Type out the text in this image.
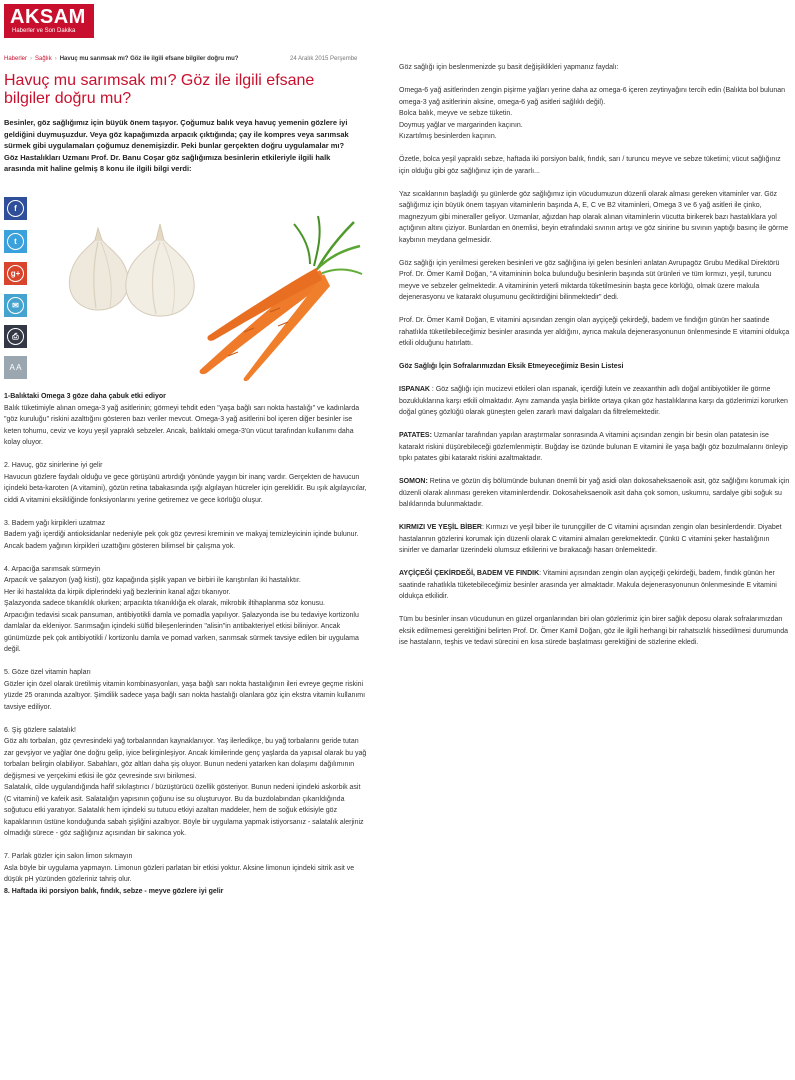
AKSAM
Haberler ve Son Dakika
Haberler › Sağlık › Havuç mu sarımsak mı? Göz ile ilgili efsane bilgiler doğru mu?	24 Aralık 2015 Perşembe
Havuç mu sarımsak mı? Göz ile ilgili efsane bilgiler doğru mu?

Besinler, göz sağlığımız için büyük önem taşıyor. Çoğumuz balık veya havuç yemenin gözlere iyi geldiğini duymuşuzdur. Veya göz kapağımızda arpacık çıktığında; çay ile kompres veya sarımsak sürmek gibi uygulamaları çoğumuz denemişizdir. Peki bunlar gerçekten doğru uygulamalar mı? Göz Hastalıkları Uzmanı Prof. Dr. Banu Coşar göz sağlığımıza besinlerin etkileriyle ilgili halk arasında mit haline gelmiş 8 konu ile ilgili bilgi verdi:

f
t
g+
✉
⎙
A A

1-Balıktaki Omega 3 göze daha çabuk etki ediyor
Balık tüketimiyle alınan omega-3 yağ asitlerinin; görmeyi tehdit eden "yaşa bağlı sarı nokta hastalığı" ve kadınlarda "göz kuruluğu" riskini azalttığını gösteren bazı veriler mevcut. Omega-3 yağ asitlerini bol içeren diğer besinler ise keten tohumu, ceviz ve koyu yeşil yapraklı sebzeler. Ancak, balıktaki omega-3'ün vücut tarafından kullanımı daha kolay oluyor.

2. Havuç, göz sinirlerine iyi gelir
Havucun gözlere faydalı olduğu ve gece görüşünü artırdığı yönünde yaygın bir inanç vardır. Gerçekten de havucun içindeki beta-karoten (A vitamini), gözün retina tabakasında ışığı algılayan hücreler için gereklidir. Bu ışık algılayıcılar, ciddi A vitamini eksikliğinde fonksiyonlarını yerine getiremez ve gece körlüğü oluşur.

3. Badem yağı kirpikleri uzatmaz
Badem yağı içerdiği antioksidanlar nedeniyle pek çok göz çevresi kreminin ve makyaj temizleyicinin içinde bulunur. Ancak badem yağının kirpikleri uzattığını gösteren bilimsel bir çalışma yok.

4. Arpacığa sarımsak sürmeyin
Arpacık ve şalazyon (yağ kisti), göz kapağında şişlik yapan ve birbiri ile karıştırılan iki hastalıktır.
Her iki hastalıkta da kirpik diplerindeki yağ bezlerinin kanal ağzı tıkanıyor.
Şalazyonda sadece tıkanıklık olurken; arpacıkta tıkanıklığa ek olarak, mikrobik iltihaplanma söz konusu.
Arpacığın tedavisi sıcak pansuman, antibiyotikli damla ve pomadla yapılıyor. Şalazyonda ise bu tedaviye kortizonlu damlalar da ekleniyor. Sarımsağın içindeki sülfid bileşenlerinden "alisin"in antibakteriyel etkisi biliniyor. Ancak günümüzde pek çok antibiyotikli / kortizonlu damla ve pomad varken, sarımsak sürmek tavsiye edilen bir uygulama değil.

5. Göze özel vitamin hapları
Gözler için özel olarak üretilmiş vitamin kombinasyonları, yaşa bağlı sarı nokta hastalığının ileri evreye geçme riskini yüzde 25 oranında azaltıyor. Şimdilik sadece yaşa bağlı sarı nokta hastalığı olanlara göz için ekstra vitamin kullanımı tavsiye ediliyor.

6. Şiş gözlere salatalık!
Göz altı torbaları, göz çevresindeki yağ torbalarından kaynaklanıyor. Yaş ilerledikçe, bu yağ torbalarını geride tutan zar gevşiyor ve yağlar öne doğru gelip, iyice belirginleşiyor. Ancak kimilerinde genç yaşlarda da yapısal olarak bu yağ torbaları belirgin olabiliyor. Sabahları, göz altları daha şiş oluyor. Bunun nedeni yatarken kan dolaşımı dağılımının değişmesi ve yerçekimi etkisi ile göz çevresinde sıvı birikmesi.
Salatalık, cilde uygulandığında hafif sıkılaştırıcı / büzüştürücü özellik gösteriyor. Bunun nedeni içindeki askorbik asit (C vitamini) ve kafeik asit. Salatalığın yapısının çoğunu ise su oluşturuyor. Bu da buzdolabından çıkarıldığında soğutucu etki yaratıyor. Salatalık hem içindeki su tutucu etkiyi azaltan maddeler, hem de soğuk etkisiyle göz kapaklarının üstüne konduğunda sabah şişliğini azaltıyor. Böyle bir uygulama yapmak istiyorsanız - salatalık alerjiniz olmadığı sürece - göz sağlığınız açısından bir sakınca yok.

7. Parlak gözler için sakın limon sıkmayın
Asla böyle bir uygulama yapmayın. Limonun gözleri parlatan bir etkisi yoktur. Aksine limonun içindeki sitrik asit ve düşük pH yüzünden gözleriniz tahriş olur.
8. Haftada iki porsiyon balık, fındık, sebze - meyve gözlere iyi gelir

Göz sağlığı için beslenmenizde şu basit değişiklikleri yapmanız faydalı:

Omega-6 yağ asitlerinden zengin pişirme yağları yerine daha az omega-6 içeren zeytinyağını tercih edin (Balıkta bol bulunan omega-3 yağ asitlerinin aksine, omega-6 yağ asitleri sağlıklı değil).
Bolca balık, meyve ve sebze tüketin.
Doymuş yağlar ve margarinden kaçının.
Kızartılmış besinlerden kaçının.

Özetle, bolca yeşil yapraklı sebze, haftada iki porsiyon balık, fındık, sarı / turuncu meyve ve sebze tüketimi; vücut sağlığınız için olduğu gibi göz sağlığınız için de yararlı...

Yaz sıcaklarının başladığı şu günlerde göz sağlığımız için vücudumuzun düzenli olarak alması gereken vitaminler var. Göz sağlığımız için büyük önem taşıyan vitaminlerin başında A, E, C ve B2 vitaminleri, Omega 3 ve 6 yağ asitleri ile çinko, magnezyum gibi mineraller geliyor. Uzmanlar, ağızdan hap olarak alınan vitaminlerin vücutta birikerek bazı hastalıklara yol açtığının altını çiziyor. Bunlardan en önemlisi, beyin etrafındaki sıvının artışı ve göz sinirine bu sıvının yaptığı basınç ile görme kaybının meydana gelmesidir.

Göz sağlığı için yenilmesi gereken besinleri ve göz sağlığına iyi gelen besinleri anlatan Avrupagöz Grubu Medikal Direktörü Prof. Dr. Ömer Kamil Doğan, "A vitamininin bolca bulunduğu besinlerin başında süt ürünleri ve tüm kırmızı, yeşil, turuncu meyve ve sebzeler gelmektedir. A vitamininin yeterli miktarda tüketilmesinin başta gece körlüğü, olmak üzere makula dejenerasyonu ve katarakt oluşumunu geciktirdiğini bilinmektedir" dedi.

Prof. Dr. Ömer Kamil Doğan, E vitamini açısından zengin olan ayçiçeği çekirdeği, badem ve fındığın günün her saatinde rahatlıkla tüketilebileceğimiz besinler arasında yer aldığını, ayrıca makula dejenerasyonunun önlenmesinde E vitamini oldukça etkili olduğunu hatırlattı.

Göz Sağlığı İçin Sofralarımızdan Eksik Etmeyeceğimiz Besin Listesi

ISPANAK : Göz sağlığı için mucizevi etkileri olan ıspanak, içerdiği lutein ve zeaxanthin adlı doğal antibiyotikler ile görme bozukluklarına karşı etkili olmaktadır. Aynı zamanda yaşla birlikte ortaya çıkan göz hastalıklarına karşı da gözlerimizi korurken doğal güneş gözlüğü olarak güneşten gelen zararlı mavi dalgaları da filtrelemektedir.

PATATES: Uzmanlar tarafından yapılan araştırmalar sonrasında A vitamini açısından zengin bir besin olan patatesin ise katarakt riskini düşürebileceği gözlemlenmiştir. Buğday ise özünde bulunan E vitamini ile yaşa bağlı göz bozulmalarını önleyip tıpkı patates gibi katarakt riskini azaltmaktadır.

SOMON: Retina ve gözün diş bölümünde bulunan önemli bir yağ asidi olan dokosaheksaenoik asit, göz sağlığını korumak için düzenli olarak alınması gereken vitaminlerdendir. Dokosaheksaenoik asit daha çok somon, uskumru, sardalye gibi soğuk su balıklarında bulunmaktadır.

KIRMIZI VE YEŞİL BİBER: Kırmızı ve yeşil biber ile turunçgiller de C vitamini açısından zengin olan besinlerdendir. Diyabet hastalarının gözlerini korumak için düzenli olarak C vitamini almaları gerekmektedir. Çünkü C vitamini şeker hastalığının sinirler ve damarlar üzerindeki olumsuz etkilerini ve bırakacağı hasarı önlemektedir.

AYÇİÇEĞİ ÇEKİRDEĞİ, BADEM VE FINDIK: Vitamini açısından zengin olan ayçiçeği çekirdeği, badem, fındık günün her saatinde rahatlıkla tüketebileceğimiz besinler arasında yer almaktadır. Makula dejenerasyonunun önlenmesinde E vitamini oldukça etkilidir.

Tüm bu besinler insan vücudunun en güzel organlarından biri olan gözlerimiz için birer sağlık deposu olarak sofralarımızdan eksik edilmemesi gerektiğini belirten Prof. Dr. Ömer Kamil Doğan, göz ile ilgili herhangi bir rahatsızlık hissedilmesi durumunda ise hastaların, teşhis ve tedavi sürecini en kısa sürede başlatması gerektiğini de sözlerine ekledi.
